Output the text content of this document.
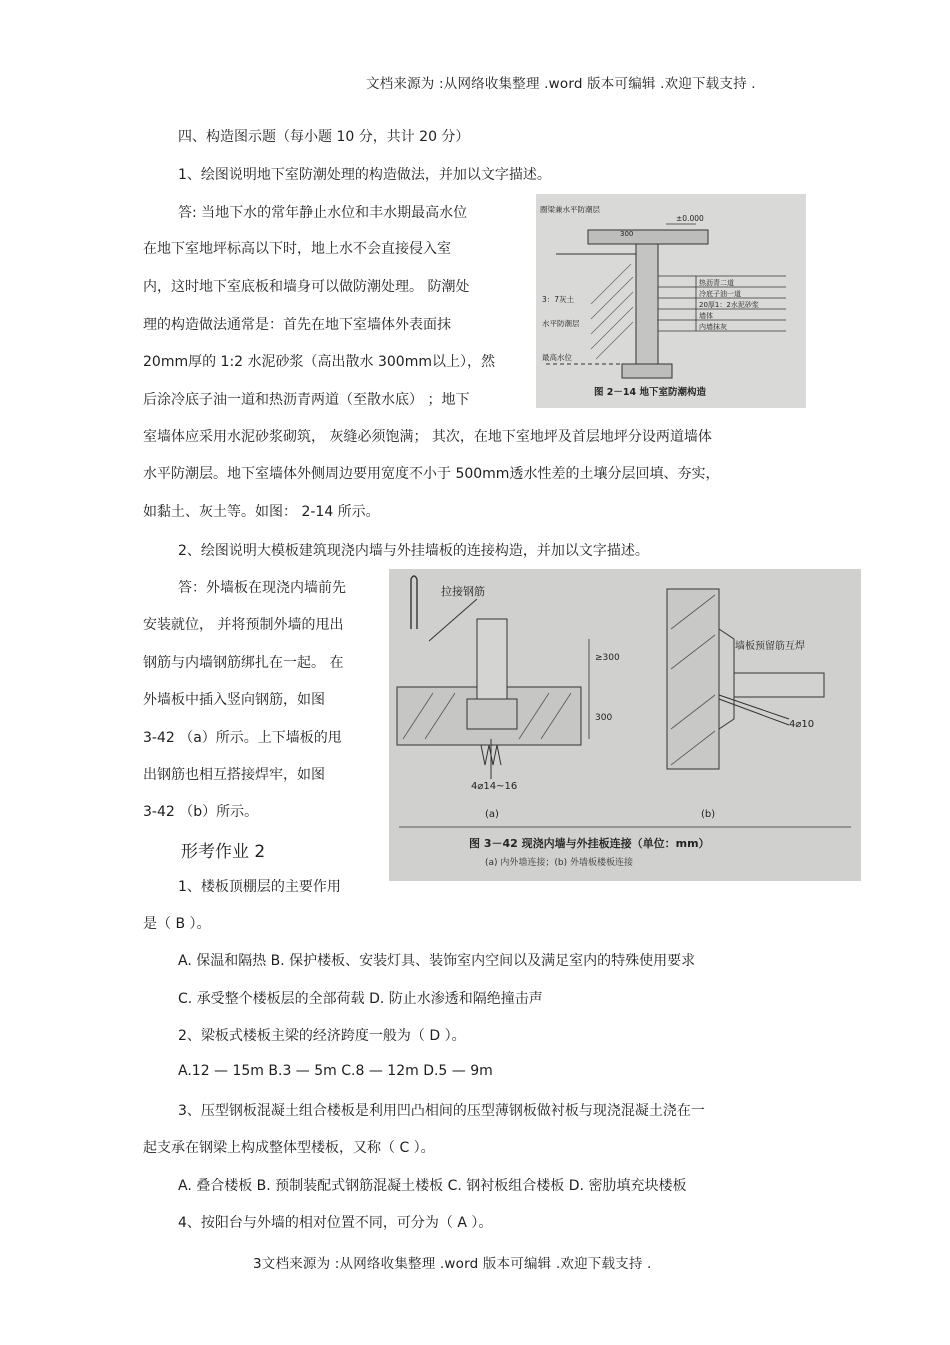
文档来源为 :从网络收集整理 .word 版本可编辑 .欢迎下载支持 .
四、构造图示题（每小题 10 分，共计 20 分）
1、绘图说明地下室防潮处理的构造做法，并加以文字描述。
答: 当地下水的常年静止水位和丰水期最高水位
在地下室地坪标高以下时，地上水不会直接侵入室
内，这时地下室底板和墙身可以做防潮处理。 防潮处
理的构造做法通常是：首先在地下室墙体外表面抹
20mm厚的 1:2 水泥砂浆（高出散水 300mm以上），然
后涂冷底子油一道和热沥青两道（至散水底） ；地下
室墙体应采用水泥砂浆砌筑， 灰缝必须饱满； 其次，在地下室地坪及首层地坪分设两道墙体
水平防潮层。地下室墙体外侧周边要用宽度不小于 500mm透水性差的土壤分层回填、夯实，
如黏土、灰土等。如图： 2-14 所示。
圈梁兼水平防潮层
±0.000
300
热沥青二道
冷底子油一道
20厚1：2水泥砂浆
墙体
内墙抹灰
3：7灰土
水平防潮层
最高水位
图 2－14 地下室防潮构造
2、绘图说明大模板建筑现浇内墙与外挂墙板的连接构造，并加以文字描述。
答：外墙板在现浇内墙前先
安装就位， 并将预制外墙的甩出
钢筋与内墙钢筋绑扎在一起。 在
外墙板中插入竖向钢筋，如图
3-42 （a）所示。上下墙板的甩
出钢筋也相互搭接焊牢，如图
3-42 （b）所示。
拉接钢筋
墙板预留筋互焊
≥300
300
4⌀14~16
4⌀10
(a)	(b)
图 3－42 现浇内墙与外挂板连接（单位：mm）
(a) 内外墙连接；(b) 外墙板楼板连接
形考作业 2
1、楼板顶棚层的主要作用
是（ B ）。
A. 保温和隔热 B. 保护楼板、安装灯具、装饰室内空间以及满足室内的特殊使用要求
C. 承受整个楼板层的全部荷载 D. 防止水渗透和隔绝撞击声
2、梁板式楼板主梁的经济跨度一般为（ D ）。
A.12 — 15m B.3 — 5m C.8 — 12m D.5 — 9m
3、压型钢板混凝土组合楼板是利用凹凸相间的压型薄钢板做衬板与现浇混凝土浇在一
起支承在钢梁上构成整体型楼板，又称（ C ）。
A. 叠合楼板 B. 预制装配式钢筋混凝土楼板 C. 钢衬板组合楼板 D. 密肋填充块楼板
4、按阳台与外墙的相对位置不同，可分为（ A ）。
3文档来源为 :从网络收集整理 .word 版本可编辑 .欢迎下载支持 .
